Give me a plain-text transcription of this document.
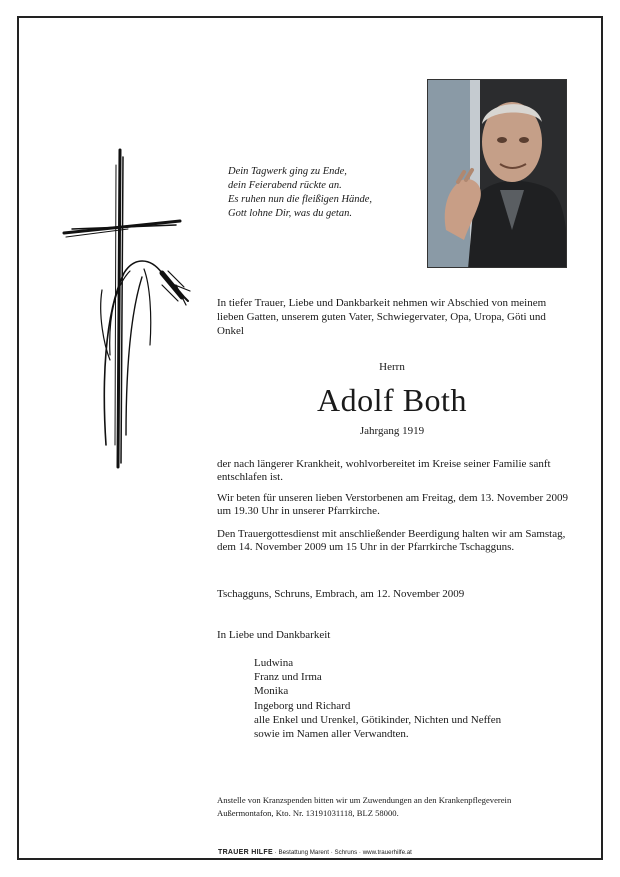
Dein Tagwerk ging zu Ende,
dein Feierabend rückte an.
Es ruhen nun die fleißigen Hände,
Gott lohne Dir, was du getan.
In tiefer Trauer, Liebe und Dankbarkeit nehmen wir Abschied von meinem lieben Gatten, unserem guten Vater, Schwiegervater, Opa, Uropa, Göti und Onkel
Herrn
Adolf Both
Jahrgang 1919
der nach längerer Krankheit, wohlvorbereitet im Kreise seiner Familie sanft entschlafen ist.
Wir beten für unseren lieben Verstorbenen am Freitag, dem 13. November 2009 um 19.30 Uhr in unserer Pfarrkirche.
Den Trauergottesdienst mit anschließender Beerdigung halten wir am Samstag, dem 14. November 2009 um 15 Uhr in der Pfarrkirche Tschagguns.
Tschagguns, Schruns, Embrach, am 12. November 2009
In Liebe und Dankbarkeit
Ludwina
Franz und Irma
Monika
Ingeborg und Richard
alle Enkel und Urenkel, Götikinder, Nichten und Neffen
sowie im Namen aller Verwandten.
Anstelle von Kranzspenden bitten wir um Zuwendungen an den Krankenpflegeverein Außermontafon, Kto. Nr. 13191031118, BLZ 58000.
TRAUER HILFE · Bestattung Marent · Schruns · www.trauerhilfe.at
